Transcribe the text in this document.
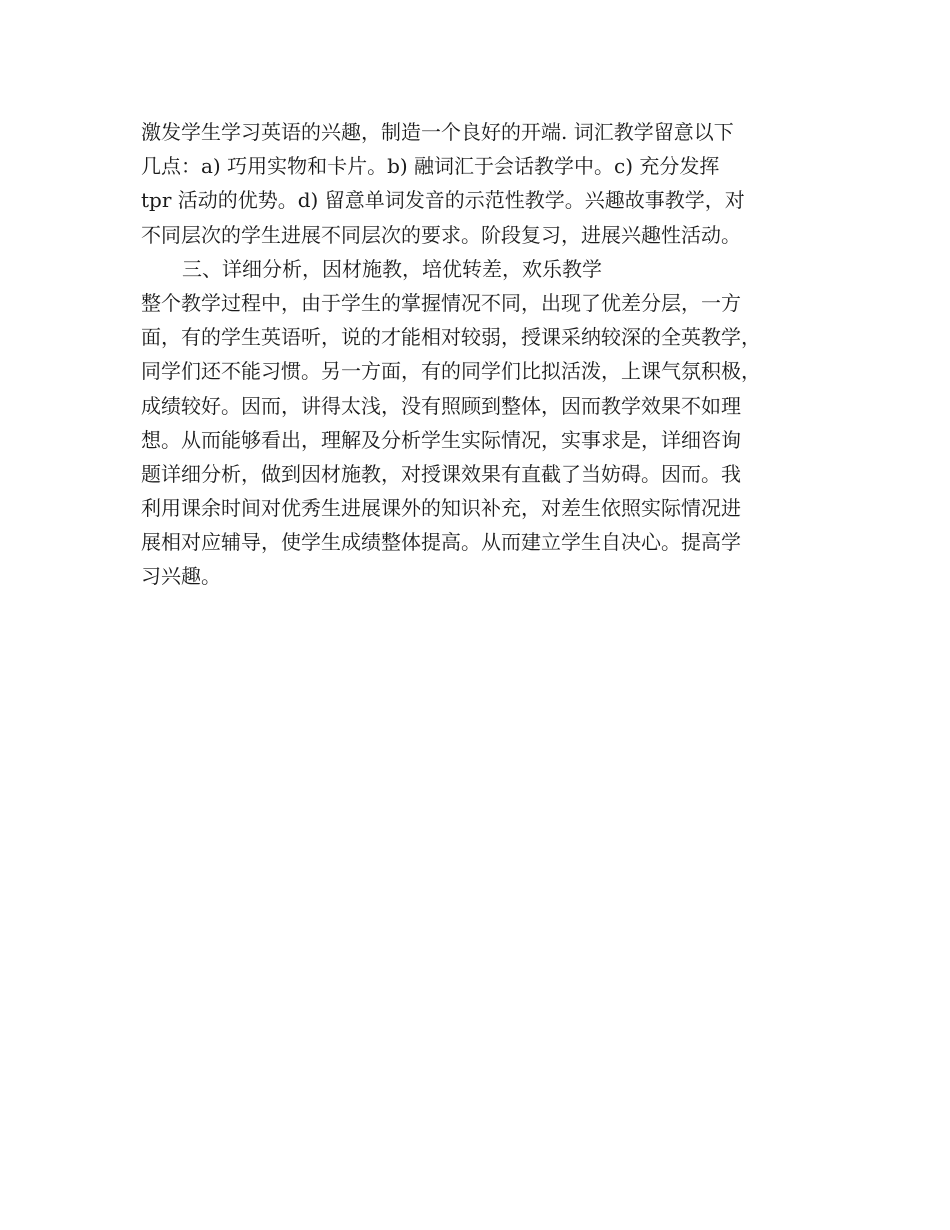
激发学生学习英语的兴趣，制造一个良好的开端. 词汇教学留意以下
几点：a) 巧用实物和卡片。b) 融词汇于会话教学中。c) 充分发挥
tpr 活动的优势。d) 留意单词发音的示范性教学。兴趣故事教学，对
不同层次的学生进展不同层次的要求。阶段复习，进展兴趣性活动。
三、详细分析，因材施教，培优转差，欢乐教学
整个教学过程中，由于学生的掌握情况不同，出现了优差分层，一方
面，有的学生英语听，说的才能相对较弱，授课采纳较深的全英教学，
同学们还不能习惯。另一方面，有的同学们比拟活泼，上课气氛积极，
成绩较好。因而，讲得太浅，没有照顾到整体，因而教学效果不如理
想。从而能够看出，理解及分析学生实际情况，实事求是，详细咨询
题详细分析，做到因材施教，对授课效果有直截了当妨碍。因而。我
利用课余时间对优秀生进展课外的知识补充，对差生依照实际情况进
展相对应辅导，使学生成绩整体提高。从而建立学生自决心。提高学
习兴趣。
